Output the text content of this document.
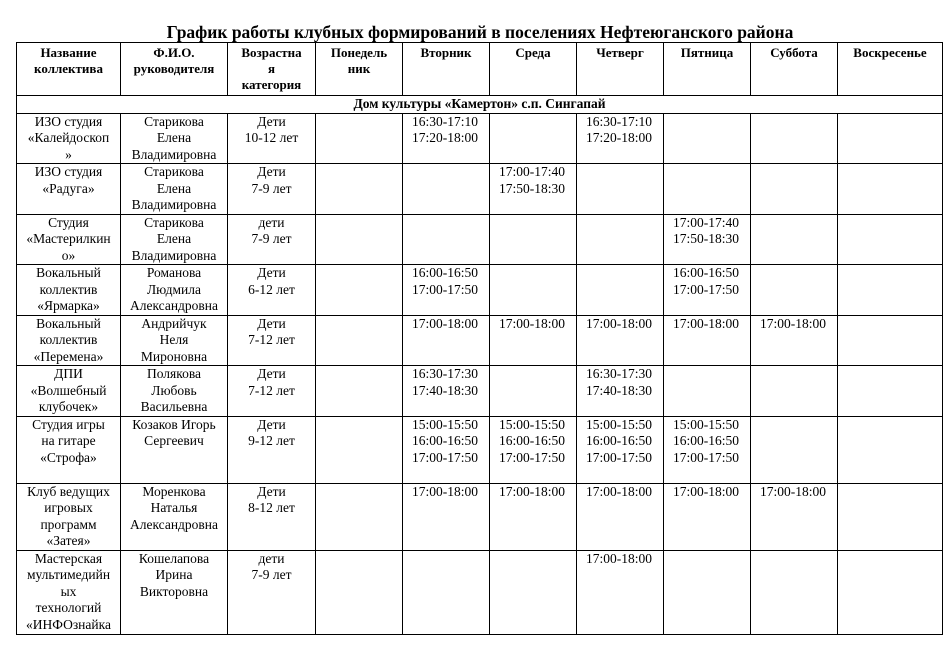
График работы клубных формирований в поселениях Нефтеюганского района
Название
коллектива	Ф.И.О.
руководителя	Возрастна
я
категория	Понедель
ник	Вторник	Среда	Четверг	Пятница	Суббота	Воскресенье
Дом культуры «Камертон» с.п. Сингапай									
ИЗО студия
«Калейдоскоп
»	Старикова
Елена
Владимировна	Дети
10-12 лет		16:30-17:10
17:20-18:00		16:30-17:10
17:20-18:00			
ИЗО студия
«Радуга»	Старикова
Елена
Владимировна	Дети
7-9 лет			17:00-17:40
17:50-18:30				
Студия
«Мастерилкин
о»	Старикова
Елена
Владимировна	дети
7-9 лет					17:00-17:40
17:50-18:30		
Вокальный
коллектив
«Ярмарка»	Романова
Людмила
Александровна	Дети
6-12 лет		16:00-16:50
17:00-17:50			16:00-16:50
17:00-17:50		
Вокальный
коллектив
«Перемена»	Андрийчук
Неля
Мироновна	Дети
7-12 лет		17:00-18:00	17:00-18:00	17:00-18:00	17:00-18:00	17:00-18:00	
ДПИ
«Волшебный
клубочек»	Полякова
Любовь
Васильевна	Дети
7-12 лет		16:30-17:30
17:40-18:30		16:30-17:30
17:40-18:30			
Студия игры
на гитаре
«Строфа»	Козаков Игорь
Сергеевич	Дети
9-12 лет		15:00-15:50
16:00-16:50
17:00-17:50	15:00-15:50
16:00-16:50
17:00-17:50	15:00-15:50
16:00-16:50
17:00-17:50	15:00-15:50
16:00-16:50
17:00-17:50		
Клуб ведущих
игровых
программ
«Затея»	Моренкова
Наталья
Александровна	Дети
8-12 лет		17:00-18:00	17:00-18:00	17:00-18:00	17:00-18:00	17:00-18:00	
Мастерская
мультимедийн
ых
технологий
«ИНФОзнайка	Кошелапова
Ирина
Викторовна	дети
7-9 лет				17:00-18:00			
